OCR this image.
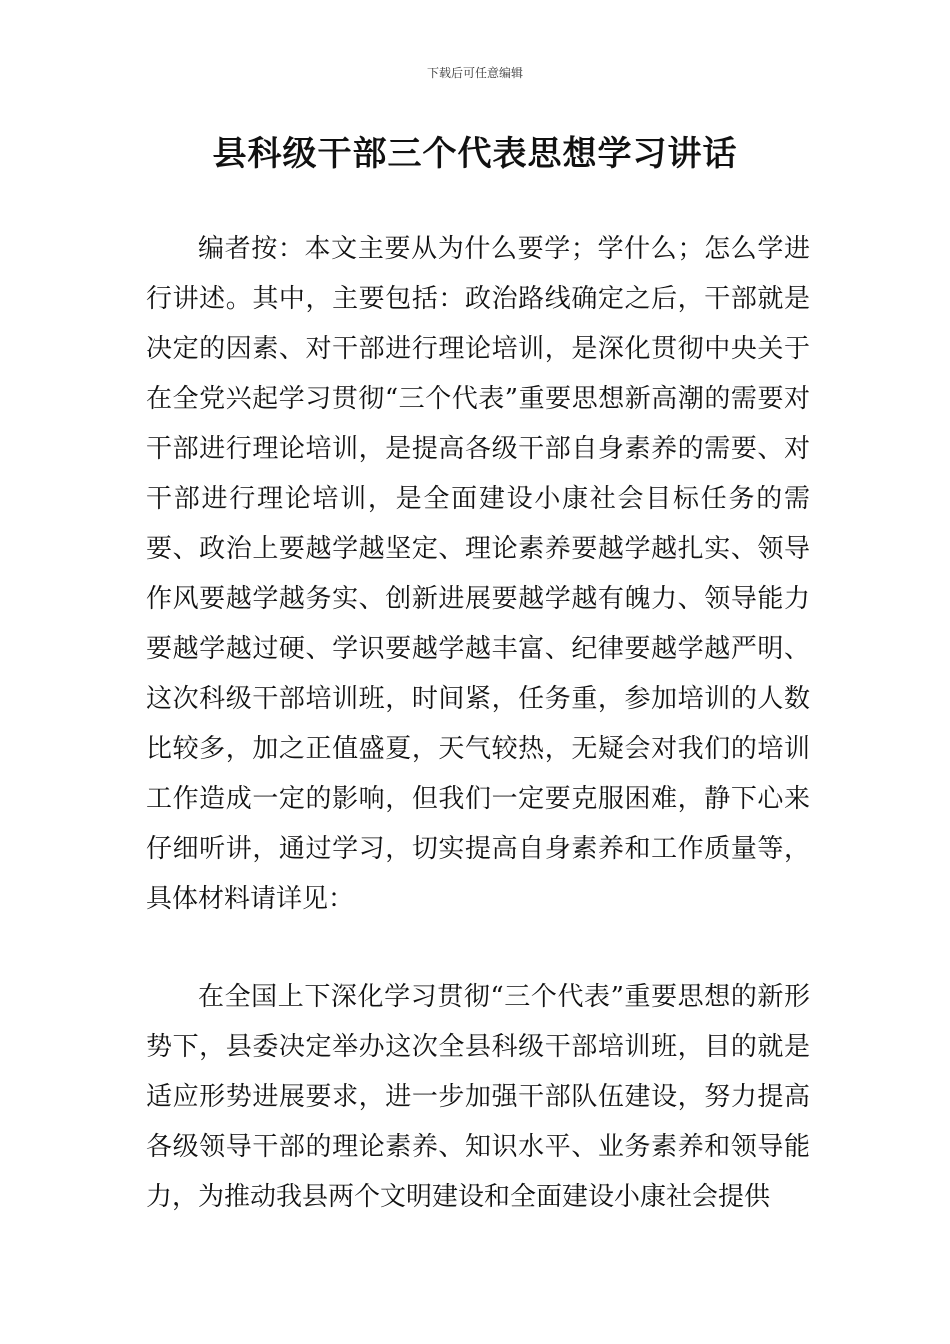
下载后可任意编辑
县科级干部三个代表思想学习讲话

编者按：本文主要从为什么要学；学什么；怎么学进行讲述。其中，主要包括：政治路线确定之后，干部就是决定的因素、对干部进行理论培训，是深化贯彻中央关于在全党兴起学习贯彻“三个代表”重要思想新高潮的需要对干部进行理论培训，是提高各级干部自身素养的需要、对干部进行理论培训，是全面建设小康社会目标任务的需要、政治上要越学越坚定、理论素养要越学越扎实、领导作风要越学越务实、创新进展要越学越有魄力、领导能力要越学越过硬、学识要越学越丰富、纪律要越学越严明、这次科级干部培训班，时间紧，任务重，参加培训的人数比较多，加之正值盛夏，天气较热，无疑会对我们的培训工作造成一定的影响，但我们一定要克服困难，静下心来仔细听讲，通过学习，切实提高自身素养和工作质量等，具体材料请详见：

在全国上下深化学习贯彻“三个代表”重要思想的新形势下，县委决定举办这次全县科级干部培训班，目的就是适应形势进展要求，进一步加强干部队伍建设，努力提高各级领导干部的理论素养、知识水平、业务素养和领导能力，为推动我县两个文明建设和全面建设小康社会提供
